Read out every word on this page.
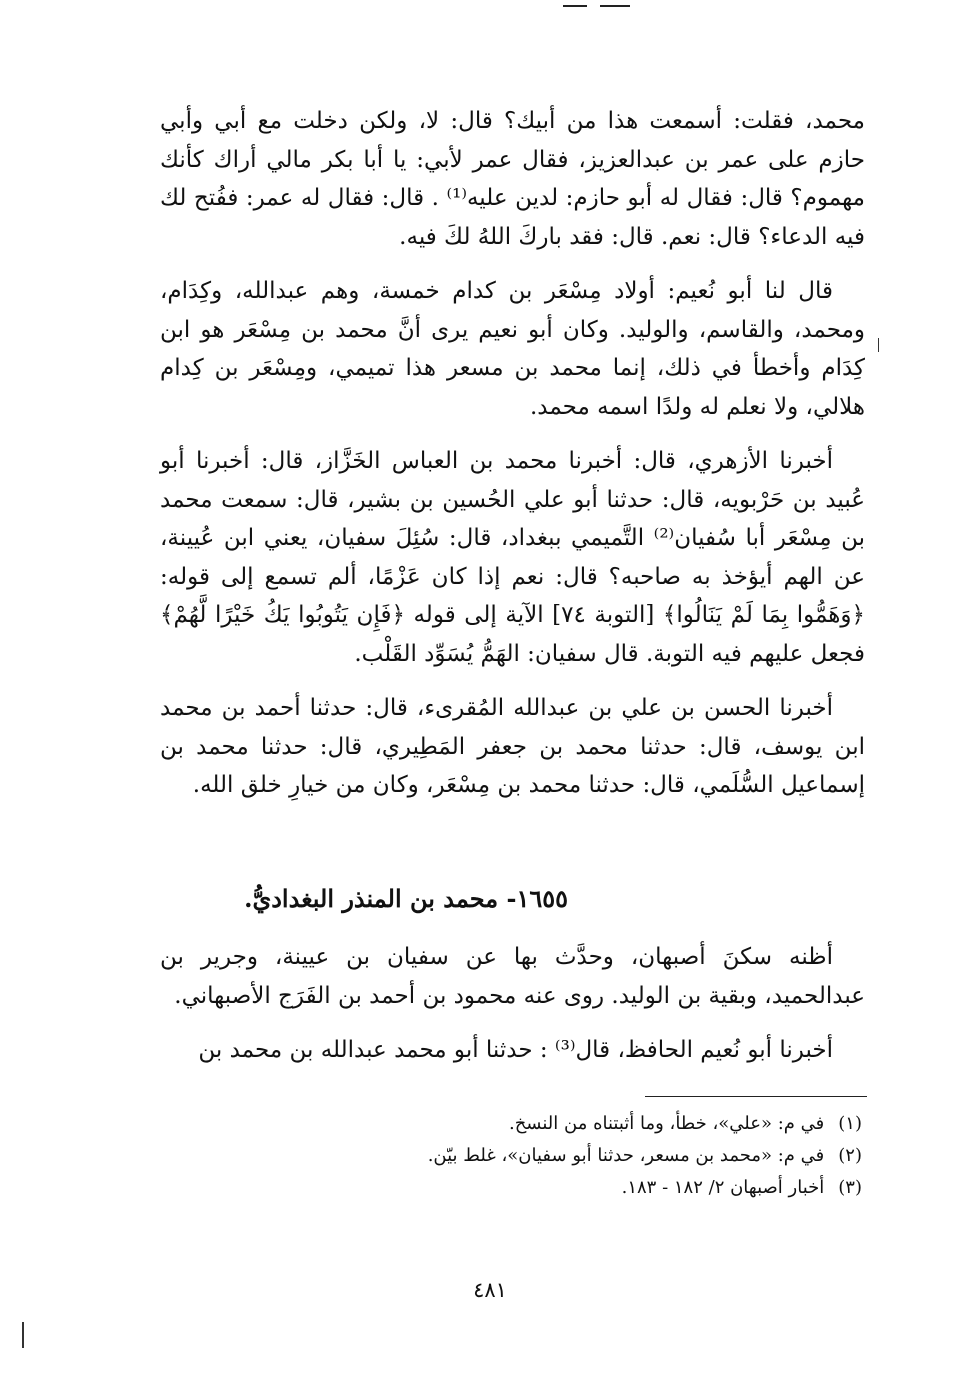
محمد، فقلت: أسمعت هذا من أبيك؟ قال: لا، ولكن دخلت مع أبي وأبي حازم على عمر بن عبدالعزيز، فقال عمر لأبي: يا أبا بكر مالي أراك كأنك مهموم؟ قال: فقال له أبو حازم: لدين عليه⁽¹⁾ . قال: فقال له عمر: ففُتح لك فيه الدعاء؟ قال: نعم. قال: فقد باركَ اللهُ لكَ فيه.

قال لنا أبو نُعيم: أولاد مِسْعَر بن كدام خمسة، وهم عبدالله، وكِدَام، ومحمد، والقاسم، والوليد. وكان أبو نعيم يرى أنَّ محمد بن مِسْعَر هو ابن كِدَام وأخطأ في ذلك، إنما محمد بن مسعر هذا تميمي، ومِسْعَر بن كِدام هلالي، ولا نعلم له ولدًا اسمه محمد.

أخبرنا الأزهري، قال: أخبرنا محمد بن العباس الخَزَّاز، قال: أخبرنا أبو عُبيد بن حَرْبويه، قال: حدثنا أبو علي الحُسين بن بشير، قال: سمعت محمد بن مِسْعَر أبا سُفيان⁽²⁾ التَّميمي ببغداد، قال: سُئِلَ سفيان، يعني ابن عُيينة، عن الهم أيؤخذ به صاحبه؟ قال: نعم إذا كان عَزْمًا، ألم تسمع إلى قوله: ﴿وَهَمُّوا بِمَا لَمْ يَنَالُوا﴾ [التوبة ٧٤] الآية إلى قوله ﴿فَإِن يَتُوبُوا يَكُ خَيْرًا لَّهُمْ﴾ فجعل عليهم فيه التوبة. قال سفيان: الهَمُّ يُسَوِّد القَلْب.

أخبرنا الحسن بن علي بن عبدالله المُقرىء، قال: حدثنا أحمد بن محمد ابن يوسف، قال: حدثنا محمد بن جعفر المَطِيري، قال: حدثنا محمد بن إسماعيل السُّلَمي، قال: حدثنا محمد بن مِسْعَر، وكان من خيارِ خلق الله.

١٦٥٥- محمد بن المنذر البغداديُّ.

أظنه سكنَ أصبهان، وحدَّث بها عن سفيان بن عيينة، وجرير بن عبدالحميد، وبقية بن الوليد. روى عنه محمود بن أحمد بن الفَرَج الأصبهاني.

أخبرنا أبو نُعيم الحافظ، قال⁽³⁾ : حدثنا أبو محمد عبدالله بن محمد بن

(١)في م: «علي»، خطأ، وما أثبتناه من النسخ.
(٢)في م: «محمد بن مسعر، حدثنا أبو سفيان»، غلط بيّن.
(٣)أخبار أصبهان ٢/ ١٨٢ - ١٨٣.
٤٨١
